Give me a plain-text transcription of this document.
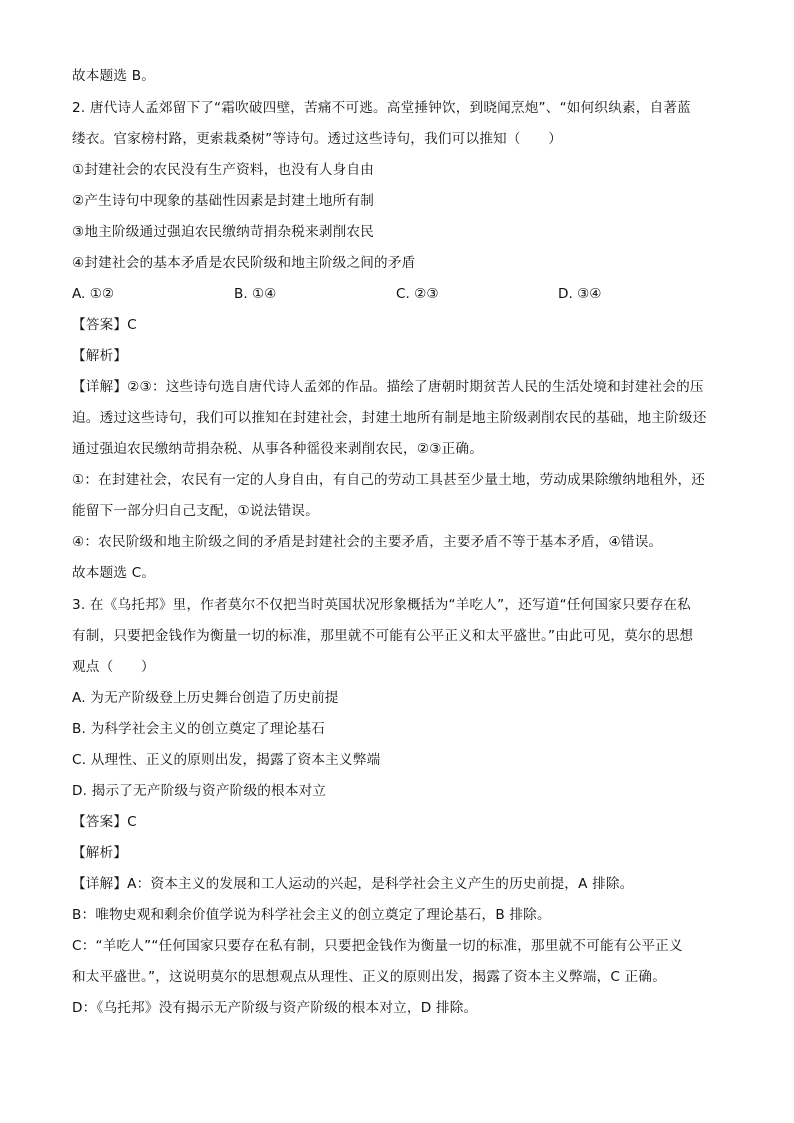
故本题选 B。
2. 唐代诗人孟郊留下了“霜吹破四壁，苦痛不可逃。高堂捶钟饮，到晓闻烹炮”、“如何织纨素，自著蓝
缕衣。官家榜村路，更索栽桑树”等诗句。透过这些诗句，我们可以推知（　　）
①封建社会的农民没有生产资料，也没有人身自由
②产生诗句中现象的基础性因素是封建土地所有制
③地主阶级通过强迫农民缴纳苛捐杂税来剥削农民
④封建社会的基本矛盾是农民阶级和地主阶级之间的矛盾
A. ①②	B. ①④	C. ②③	D. ③④
【答案】C
【解析】
【详解】②③：这些诗句选自唐代诗人孟郊的作品。描绘了唐朝时期贫苦人民的生活处境和封建社会的压
迫。透过这些诗句，我们可以推知在封建社会，封建土地所有制是地主阶级剥削农民的基础，地主阶级还
通过强迫农民缴纳苛捐杂税、从事各种徭役来剥削农民，②③正确。
①：在封建社会，农民有一定的人身自由，有自己的劳动工具甚至少量土地，劳动成果除缴纳地租外，还
能留下一部分归自己支配，①说法错误。
④：农民阶级和地主阶级之间的矛盾是封建社会的主要矛盾，主要矛盾不等于基本矛盾，④错误。
故本题选 C。
3. 在《乌托邦》里，作者莫尔不仅把当时英国状况形象概括为“羊吃人”，还写道“任何国家只要存在私
有制，只要把金钱作为衡量一切的标准，那里就不可能有公平正义和太平盛世。”由此可见，莫尔的思想
观点（　　）
A. 为无产阶级登上历史舞台创造了历史前提
B. 为科学社会主义的创立奠定了理论基石
C. 从理性、正义的原则出发，揭露了资本主义弊端
D. 揭示了无产阶级与资产阶级的根本对立
【答案】C
【解析】
【详解】A：资本主义的发展和工人运动的兴起，是科学社会主义产生的历史前提，A 排除。
B：唯物史观和剩余价值学说为科学社会主义的创立奠定了理论基石，B 排除。
C：“羊吃人”“任何国家只要存在私有制，只要把金钱作为衡量一切的标准，那里就不可能有公平正义
和太平盛世。”，这说明莫尔的思想观点从理性、正义的原则出发，揭露了资本主义弊端，C 正确。
D：《乌托邦》没有揭示无产阶级与资产阶级的根本对立，D 排除。
